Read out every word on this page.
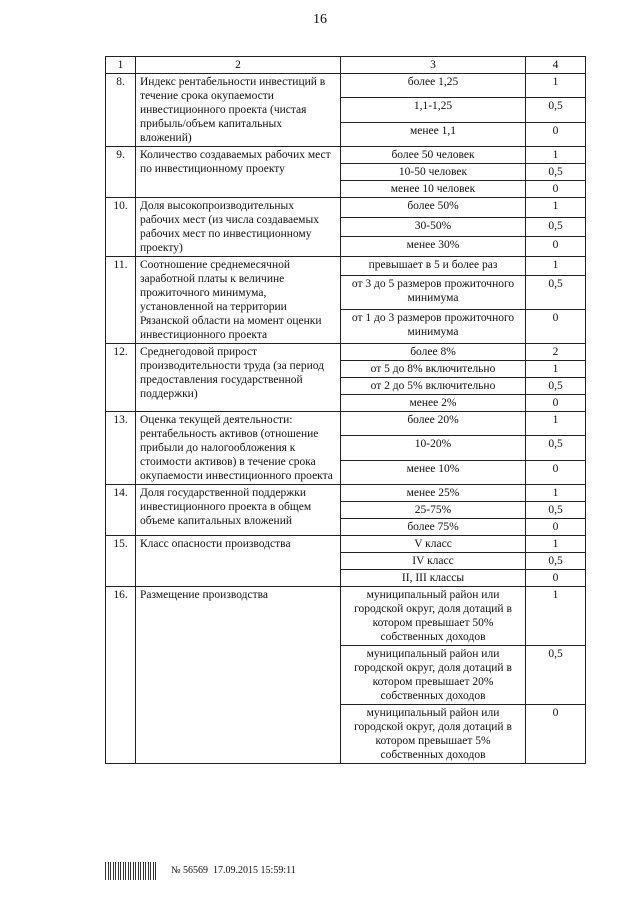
16
1	2	3	4
8.	Индекс рентабельности инвестиций в течение срока окупаемости инвестиционного проекта (чистая прибыль/объем капитальных вложений)	более 1,25	1
		1,1-1,25	0,5
		менее 1,1	0
9.	Количество создаваемых рабочих мест по инвестиционному проекту	более 50 человек	1
		10-50 человек	0,5
		менее 10 человек	0
10.	Доля высокопроизводительных рабочих мест (из числа создаваемых рабочих мест по инвестиционному проекту)	более 50%	1
		30-50%	0,5
		менее 30%	0
11.	Соотношение среднемесячной заработной платы к величине прожиточного минимума, установленной на территории Рязанской области на момент оценки инвестиционного проекта	превышает в 5 и более раз	1
		от 3 до 5 размеров прожиточного минимума	0,5
		от 1 до 3 размеров прожиточного минимума	0
12.	Среднегодовой прирост производительности труда (за период предоставления государственной поддержки)	более 8%	2
		от 5 до 8% включительно	1
		от 2 до 5% включительно	0,5
		менее 2%	0
13.	Оценка текущей деятельности: рентабельность активов (отношение прибыли до налогообложения к стоимости активов) в течение срока окупаемости инвестиционного проекта	более 20%	1
		10-20%	0,5
		менее 10%	0
14.	Доля государственной поддержки инвестиционного проекта в общем объеме капитальных вложений	менее 25%	1
		25-75%	0,5
		более 75%	0
15.	Класс опасности производства	V класс	1
		IV класс	0,5
		II, III классы	0
16.	Размещение производства	муниципальный район или городской округ, доля дотаций в котором превышает 50% собственных доходов	1
		муниципальный район или городской округ, доля дотаций в котором превышает 20% собственных доходов	0,5
		муниципальный район или городской округ, доля дотаций в котором превышает 5% собственных доходов	0
№ 56569
17.09.2015 15:59:11
